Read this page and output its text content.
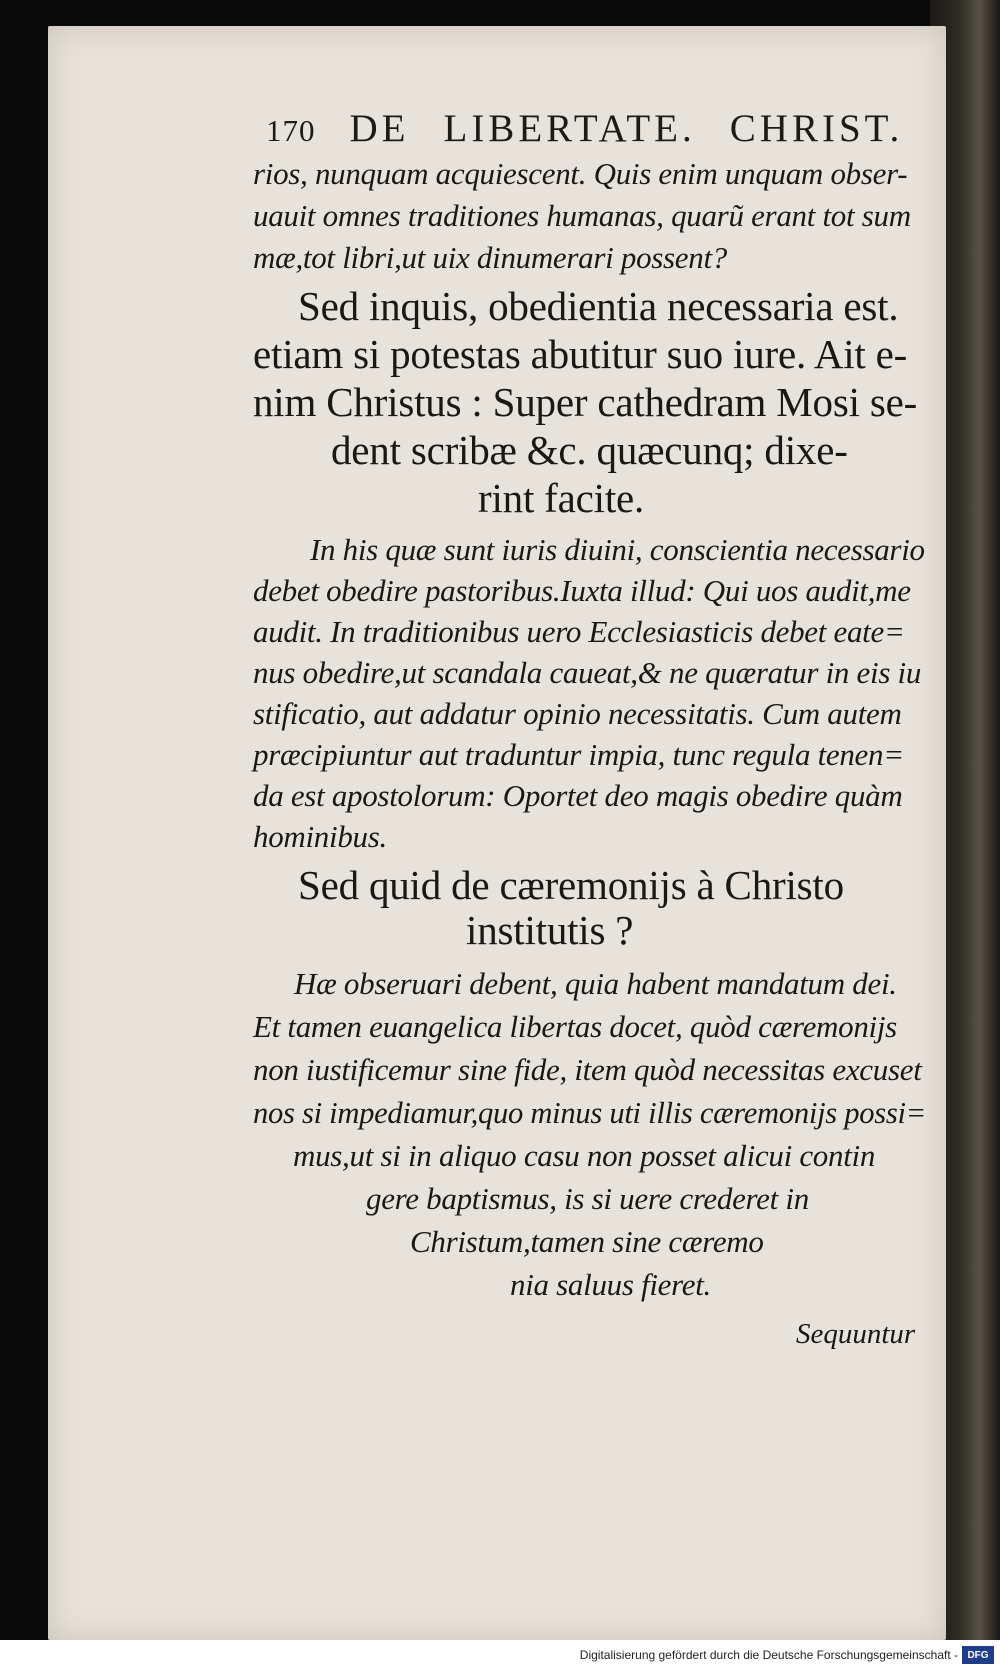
170 DE LIBERTATE. CHRIST.
rios, nunquam acquiescent. Quis enim unquam obser-
uauit omnes traditiones humanas, quarũ erant tot sum
mæ,tot libri,ut uix dinumerari possent?
Sed inquis, obedientia necessaria est.
etiam si potestas abutitur suo iure. Ait e-
nim Christus : Super cathedram Mosi se-
dent scribæ &c. quæcunq; dixe-
rint facite.
In his quæ sunt iuris diuini, conscientia necessario
debet obedire pastoribus.Iuxta illud: Qui uos audit,me
audit. In traditionibus uero Ecclesiasticis debet eate=
nus obedire,ut scandala caueat,& ne quæratur in eis iu
stificatio, aut addatur opinio necessitatis. Cum autem
præcipiuntur aut traduntur impia, tunc regula tenen=
da est apostolorum: Oportet deo magis obedire quàm
hominibus.
Sed quid de cæremonijs à Christo
institutis ?
Hæ obseruari debent, quia habent mandatum dei.
Et tamen euangelica libertas docet, quòd cæremonijs
non iustificemur sine fide, item quòd necessitas excuset
nos si impediamur,quo minus uti illis cæremonijs possi=
mus,ut si in aliquo casu non posset alicui contin
gere baptismus, is si uere crederet in
Christum,tamen sine cæremo
nia saluus fieret.
Sequuntur
Digitalisierung gefördert durch die Deutsche Forschungsgemeinschaft - DFG
